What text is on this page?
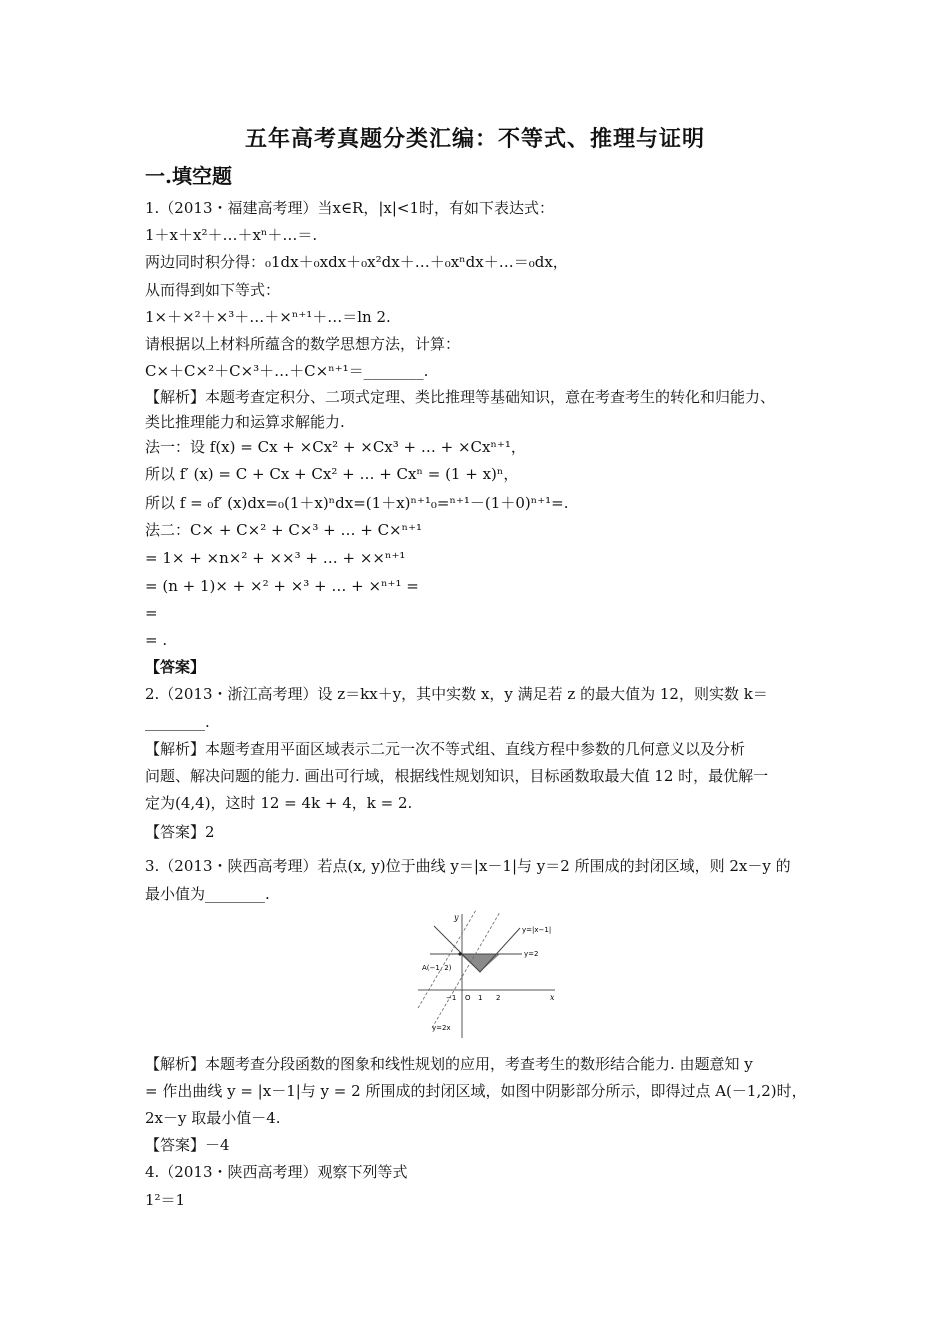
五年高考真题分类汇编：不等式、推理与证明
一.填空题
1.（2013・福建高考理）当x∈R，|x|<1时，有如下表达式：
1＋x＋x²＋…＋xⁿ＋…＝.
两边同时积分得：₀1dx＋₀xdx＋₀x²dx＋…＋₀xⁿdx＋…＝₀dx，
从而得到如下等式：
1×＋×²＋×³＋…＋×ⁿ⁺¹＋…＝ln 2.
请根据以上材料所蕴含的数学思想方法，计算：
C×＋C×²＋C×³＋…＋C×ⁿ⁺¹＝________.
【解析】本题考查定积分、二项式定理、类比推理等基础知识，意在考查考生的转化和归能力、
类比推理能力和运算求解能力.
法一：设 f(x) = Cx + ×Cx² + ×Cx³ + … + ×Cxⁿ⁺¹，
所以 f′ (x) = C + Cx + Cx² + … + Cxⁿ = (1 + x)ⁿ，
所以 f = ₀f′ (x)dx=₀(1＋x)ⁿdx=(1＋x)ⁿ⁺¹₀=ⁿ⁺¹－(1＋0)ⁿ⁺¹=.
法二：C× + C×² + C×³ + … + C×ⁿ⁺¹
= 1× + ×n×² + ××³ + … + ××ⁿ⁺¹
= (n + 1)× + ×² + ×³ + … + ×ⁿ⁺¹ =
=
= .
【答案】
2.（2013・浙江高考理）设 z＝kx＋y，其中实数 x，y 满足若 z 的最大值为 12，则实数 k＝
________.
【解析】本题考查用平面区域表示二元一次不等式组、直线方程中参数的几何意义以及分析
问题、解决问题的能力. 画出可行域，根据线性规划知识，目标函数取最大值 12 时，最优解一
定为(4,4)，这时 12 = 4k + 4，k = 2.
【答案】2
3.（2013・陕西高考理）若点(x, y)位于曲线 y＝|x－1|与 y＝2 所围成的封闭区域，则 2x－y 的
最小值为________.
y
x
y=|x−1|
y=2
A(−1, 2)
y=2x
−1 O 1 2
【解析】本题考查分段函数的图象和线性规划的应用，考查考生的数形结合能力. 由题意知 y
= 作出曲线 y = |x－1|与 y = 2 所围成的封闭区域，如图中阴影部分所示，即得过点 A(－1,2)时，
2x－y 取最小值－4.
【答案】－4
4.（2013・陕西高考理）观察下列等式
1²＝1
